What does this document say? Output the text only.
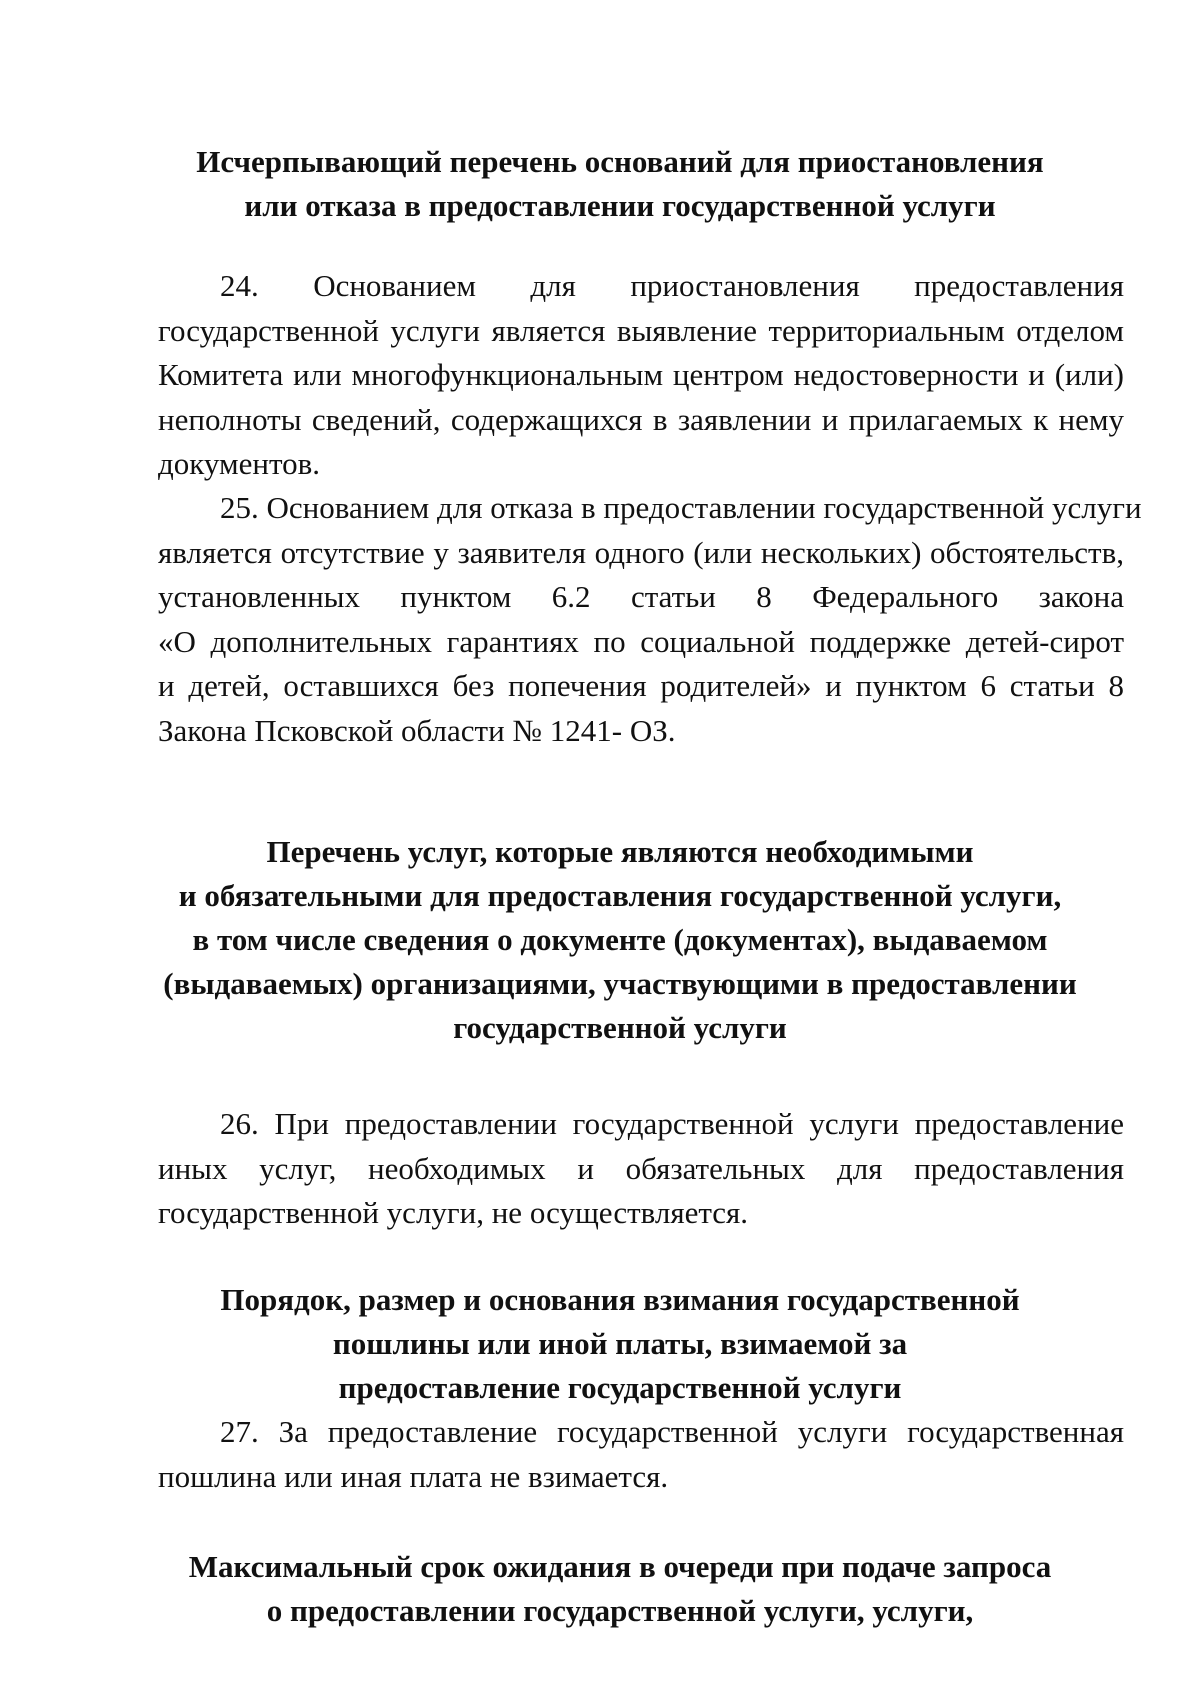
Исчерпывающий перечень оснований для приостановления
или отказа в предоставлении государственной услуги
24. Основанием для приостановления предоставления
государственной услуги является выявление территориальным отделом
Комитета или многофункциональным центром недостоверности и (или)
неполноты сведений, содержащихся в заявлении и прилагаемых к нему
документов.
25. Основанием для отказа в предоставлении государственной услуги
является отсутствие у заявителя одного (или нескольких) обстоятельств,
установленных пунктом 6.2 статьи 8 Федерального закона
«О дополнительных гарантиях по социальной поддержке детей-сирот
и детей, оставшихся без попечения родителей» и пунктом 6 статьи 8
Закона Псковской области № 1241- ОЗ.
Перечень услуг, которые являются необходимыми
и обязательными для предоставления государственной услуги,
в том числе сведения о документе (документах), выдаваемом
(выдаваемых) организациями, участвующими в предоставлении
государственной услуги
26. При предоставлении государственной услуги предоставление
иных услуг, необходимых и обязательных для предоставления
государственной услуги, не осуществляется.
Порядок, размер и основания взимания государственной
пошлины или иной платы, взимаемой за
предоставление государственной услуги
27. За предоставление государственной услуги государственная
пошлина или иная плата не взимается.
Максимальный срок ожидания в очереди при подаче запроса
о предоставлении государственной услуги, услуги,
